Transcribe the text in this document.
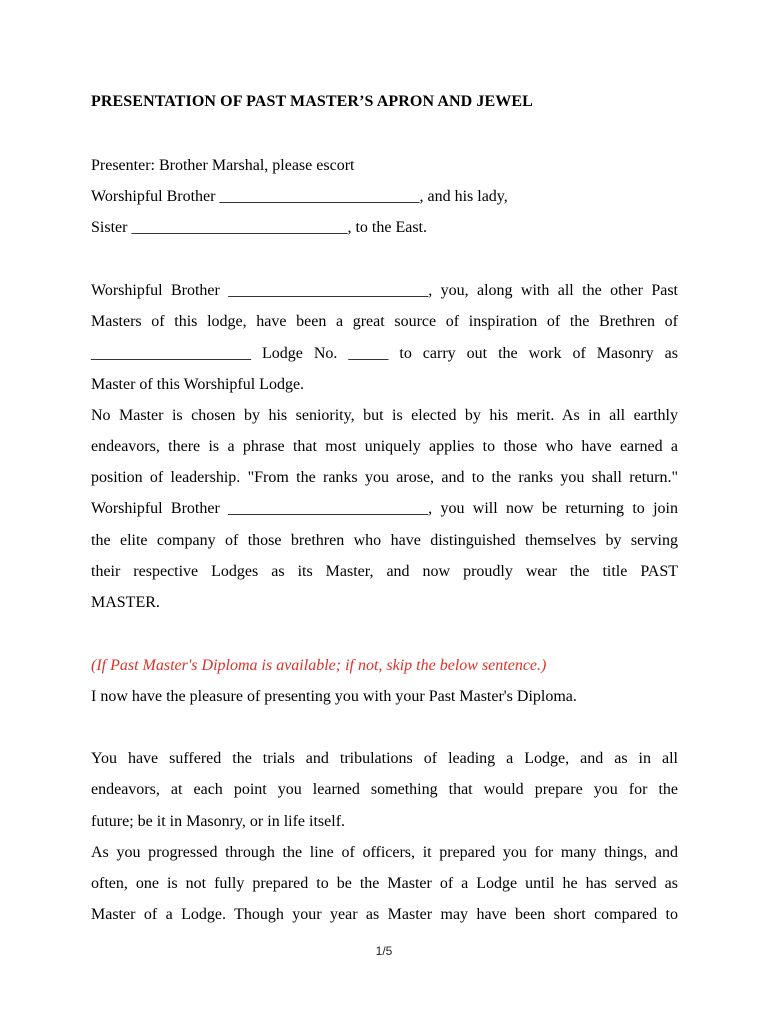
PRESENTATION OF PAST MASTER’S APRON AND JEWEL
Presenter: Brother Marshal, please escort
Worshipful Brother _________________________, and his lady,
Sister ___________________________, to the East.
Worshipful Brother _________________________, you, along with all the other Past
Masters of this lodge, have been a great source of inspiration of the Brethren of
____________________ Lodge No. _____ to carry out the work of Masonry as
Master of this Worshipful Lodge.
No Master is chosen by his seniority, but is elected by his merit. As in all earthly
endeavors, there is a phrase that most uniquely applies to those who have earned a
position of leadership. "From the ranks you arose, and to the ranks you shall return."
Worshipful Brother _________________________, you will now be returning to join
the elite company of those brethren who have distinguished themselves by serving
their respective Lodges as its Master, and now proudly wear the title PAST
MASTER.
(If Past Master's Diploma is available; if not, skip the below sentence.)
I now have the pleasure of presenting you with your Past Master's Diploma.
You have suffered the trials and tribulations of leading a Lodge, and as in all
endeavors, at each point you learned something that would prepare you for the
future; be it in Masonry, or in life itself.
As you progressed through the line of officers, it prepared you for many things, and
often, one is not fully prepared to be the Master of a Lodge until he has served as
Master of a Lodge. Though your year as Master may have been short compared to
1/5
